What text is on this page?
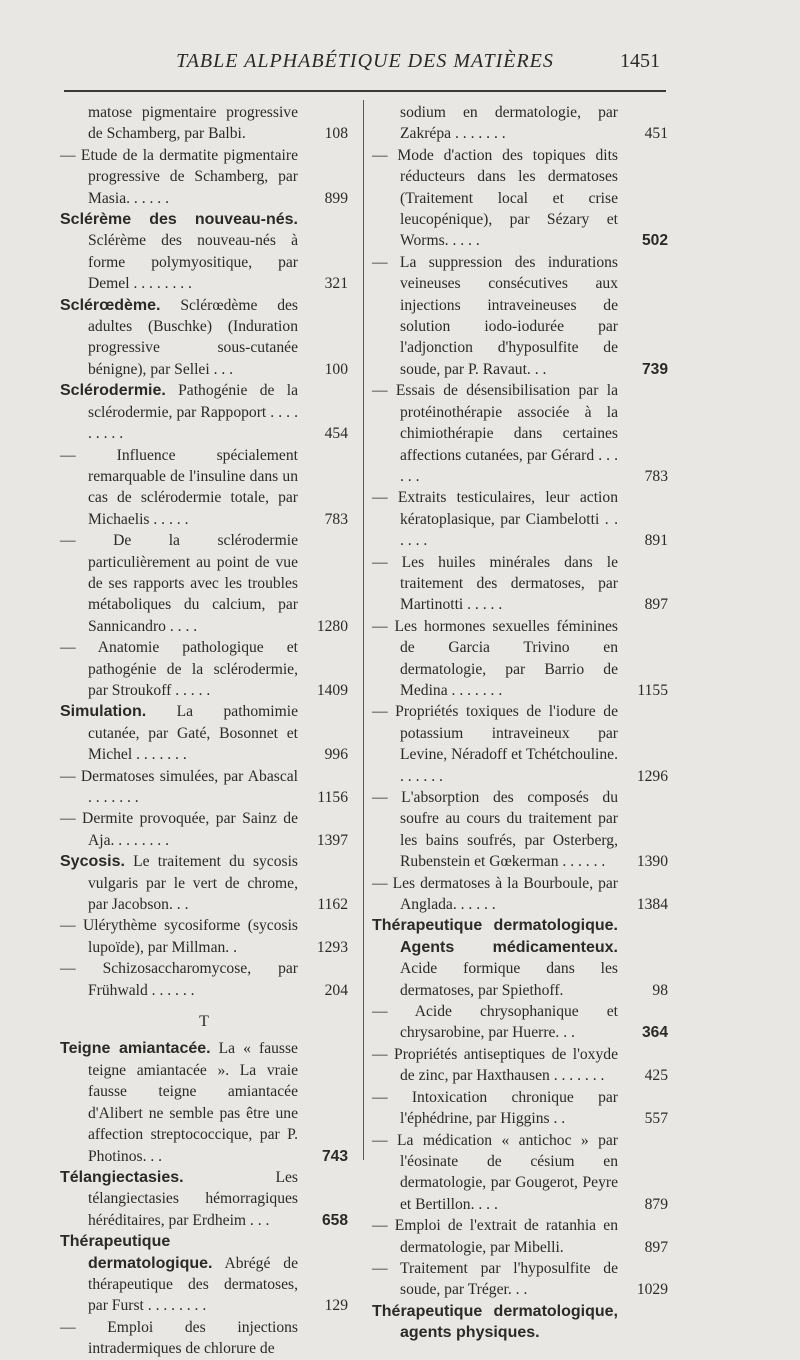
TABLE ALPHABÉTIQUE DES MATIÈRES	1451
matose pigmentaire progressive de Schamberg, par Balbi.	108
— Etude de la dermatite pigmentaire progressive de Schamberg, par Masia. . . . . .	899
Sclérème des nouveau-nés. Sclérème des nouveau-nés à forme polymyositique, par Demel . . . . . . . .	321
Sclérœdème. Sclérœdème des adultes (Buschke) (Induration progressive sous-cutanée bénigne), par Sellei . . .	100
Sclérodermie. Pathogénie de la sclérodermie, par Rappoport . . . . . . . . .	454
— Influence spécialement remarquable de l'insuline dans un cas de sclérodermie totale, par Michaelis . . . . .	783
— De la sclérodermie particulièrement au point de vue de ses rapports avec les troubles métaboliques du calcium, par Sannicandro . . . .	1280
— Anatomie pathologique et pathogénie de la sclérodermie, par Stroukoff . . . . .	1409
Simulation. La pathomimie cutanée, par Gaté, Bosonnet et Michel . . . . . . .	996
— Dermatoses simulées, par Abascal . . . . . . .	1156
— Dermite provoquée, par Sainz de Aja. . . . . . . .	1397
Sycosis. Le traitement du sycosis vulgaris par le vert de chrome, par Jacobson. . .	1162
— Ulérythème sycosiforme (sycosis lupoïde), par Millman. .	1293
— Schizosaccharomycose, par Frühwald . . . . . .	204
T
Teigne amiantacée. La « fausse teigne amiantacée ». La vraie fausse teigne amiantacée d'Alibert ne semble pas être une affection streptococcique, par P. Photinos. . .	743
Télangiectasies. Les télangiectasies hémorragiques héréditaires, par Erdheim . . .	658
Thérapeutique dermatologique. Abrégé de thérapeutique des dermatoses, par Furst . . . . . . . .	129
— Emploi des injections intradermiques de chlorure de
sodium en dermatologie, par Zakrépa . . . . . . .	451
— Mode d'action des topiques dits réducteurs dans les dermatoses (Traitement local et crise leucopénique), par Sézary et Worms. . . . .	502
— La suppression des indurations veineuses consécutives aux injections intraveineuses de solution iodo-iodurée par l'adjonction d'hyposulfite de soude, par P. Ravaut. . .	739
— Essais de désensibilisation par la protéinothérapie associée à la chimiothérapie dans certaines affections cutanées, par Gérard . . . . . .	783
— Extraits testiculaires, leur action kératoplasique, par Ciambelotti . . . . . .	891
— Les huiles minérales dans le traitement des dermatoses, par Martinotti . . . . .	897
— Les hormones sexuelles féminines de Garcia Trivino en dermatologie, par Barrio de Medina . . . . . . .	1155
— Propriétés toxiques de l'iodure de potassium intraveineux par Levine, Néradoff et Tchétchouline. . . . . . .	1296
— L'absorption des composés du soufre au cours du traitement par les bains soufrés, par Osterberg, Rubenstein et Gœkerman . . . . . .	1390
— Les dermatoses à la Bourboule, par Anglada. . . . . .	1384
Thérapeutique dermatologique. Agents médicamenteux. Acide formique dans les dermatoses, par Spiethoff.	98
— Acide chrysophanique et chrysarobine, par Huerre. . .	364
— Propriétés antiseptiques de l'oxyde de zinc, par Haxthausen . . . . . . .	425
— Intoxication chronique par l'éphédrine, par Higgins . .	557
— La médication « antichoc » par l'éosinate de césium en dermatologie, par Gougerot, Peyre et Bertillon. . . .	879
— Emploi de l'extrait de ratanhia en dermatologie, par Mibelli.	897
— Traitement par l'hyposulfite de soude, par Tréger. . .	1029
Thérapeutique dermatologique, agents physiques.
